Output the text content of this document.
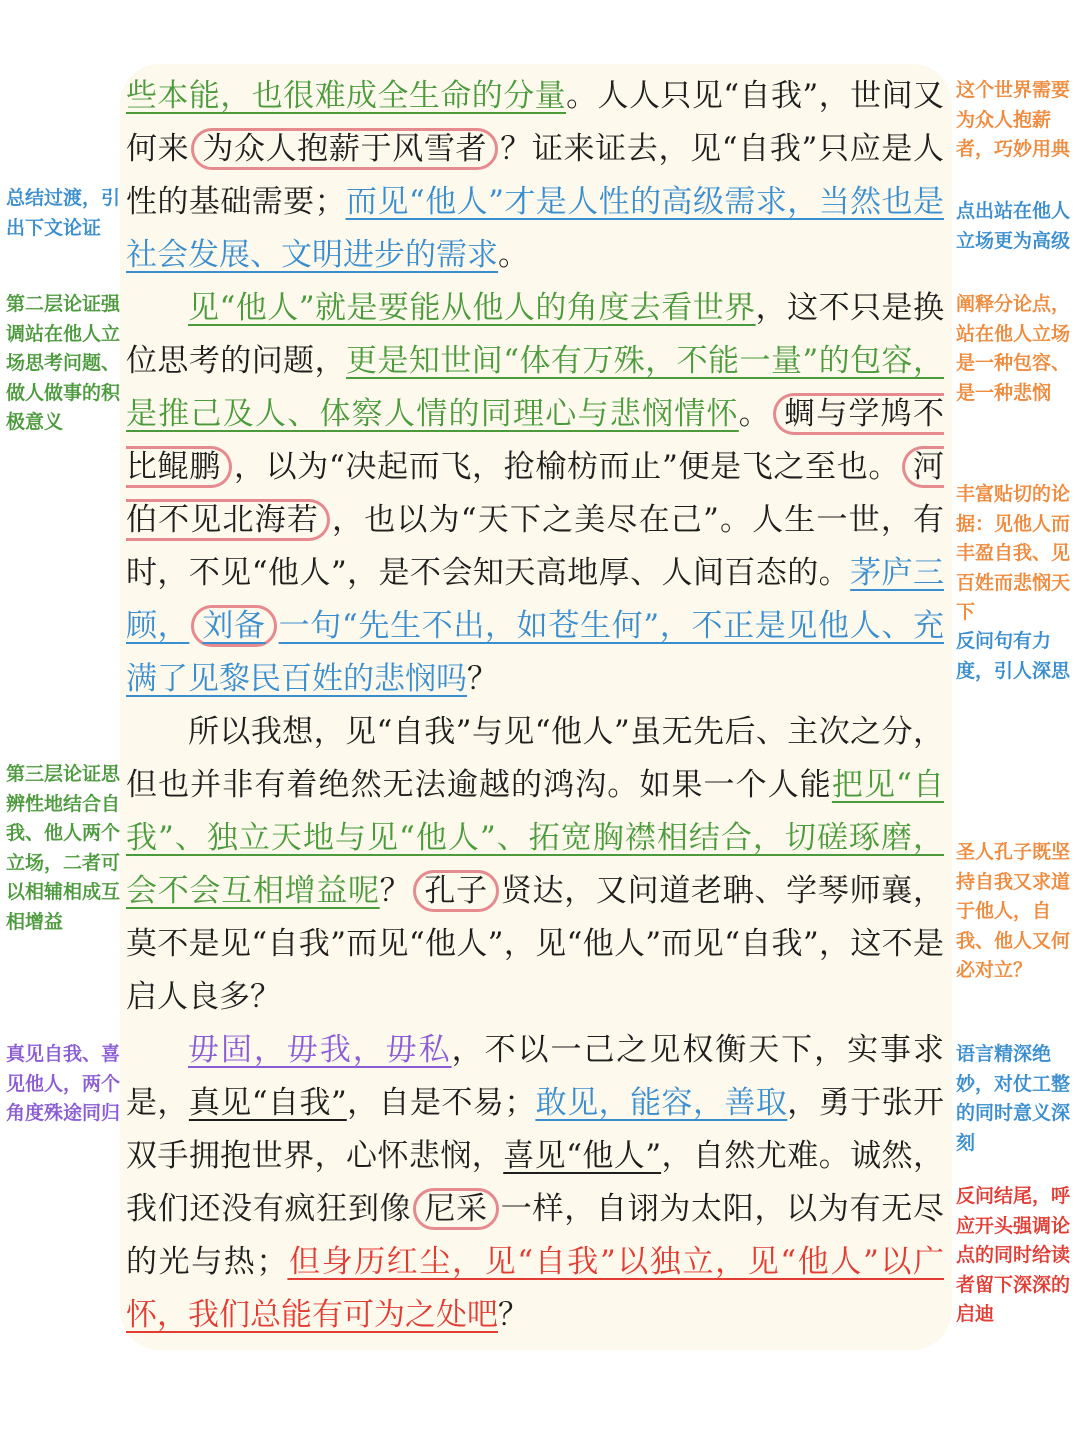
些本能，也很难成全生命的分量。人人只见“自我”，世间又何来 为众人抱薪于风雪者 ？证来证去，见“自我”只应是人性的基础需要；而见“他人”才是人性的高级需求，当然也是社会发展、文明进步的需求。

见“他人”就是要能从他人的角度去看世界，这不只是换位思考的问题，更是知世间“体有万殊，不能一量”的包容，是推己及人、体察人情的同理心与悲悯情怀。 蜩与学鸠不比鲲鹏 ，以为“决起而飞，抢榆枋而止”便是飞之至也。 河伯不见北海若 ，也以为“天下之美尽在己”。人生一世，有时，不见“他人”，是不会知天高地厚、人间百态的。茅庐三顾， 刘备 一句“先生不出，如苍生何”，不正是见他人、充满了见黎民百姓的悲悯吗？

所以我想，见“自我”与见“他人”虽无先后、主次之分，但也并非有着绝然无法逾越的鸿沟。如果一个人能把见“自我”、独立天地与见“他人”、拓宽胸襟相结合，切磋琢磨，会不会互相增益呢？ 孔子 贤达，又问道老聃、学琴师襄，莫不是见“自我”而见“他人”，见“他人”而见“自我”，这不是启人良多？

毋固，毋我，毋私，不以一己之见权衡天下，实事求是，真见“自我”，自是不易；敢见，能容，善取，勇于张开双手拥抱世界，心怀悲悯，喜见“他人”，自然尤难。诚然，我们还没有疯狂到像 尼采 一样，自诩为太阳，以为有无尽的光与热；但身历红尘，见“自我”以独立，见“他人”以广怀，我们总能有可为之处吧？

总结过渡，引出下文论证
第二层论证强调站在他人立场思考问题、做人做事的积极意义
第三层论证思辨性地结合自我、他人两个立场，二者可以相辅相成互相增益
真见自我、喜见他人，两个角度殊途同归
这个世界需要为众人抱薪者，巧妙用典
点出站在他人立场更为高级
阐释分论点，站在他人立场是一种包容、是一种悲悯
丰富贴切的论据：见他人而丰盈自我、见百姓而悲悯天下
反问句有力度，引人深思
圣人孔子既坚持自我又求道于他人，自我、他人又何必对立？
语言精深绝妙，对仗工整的同时意义深刻
反问结尾，呼应开头强调论点的同时给读者留下深深的启迪
